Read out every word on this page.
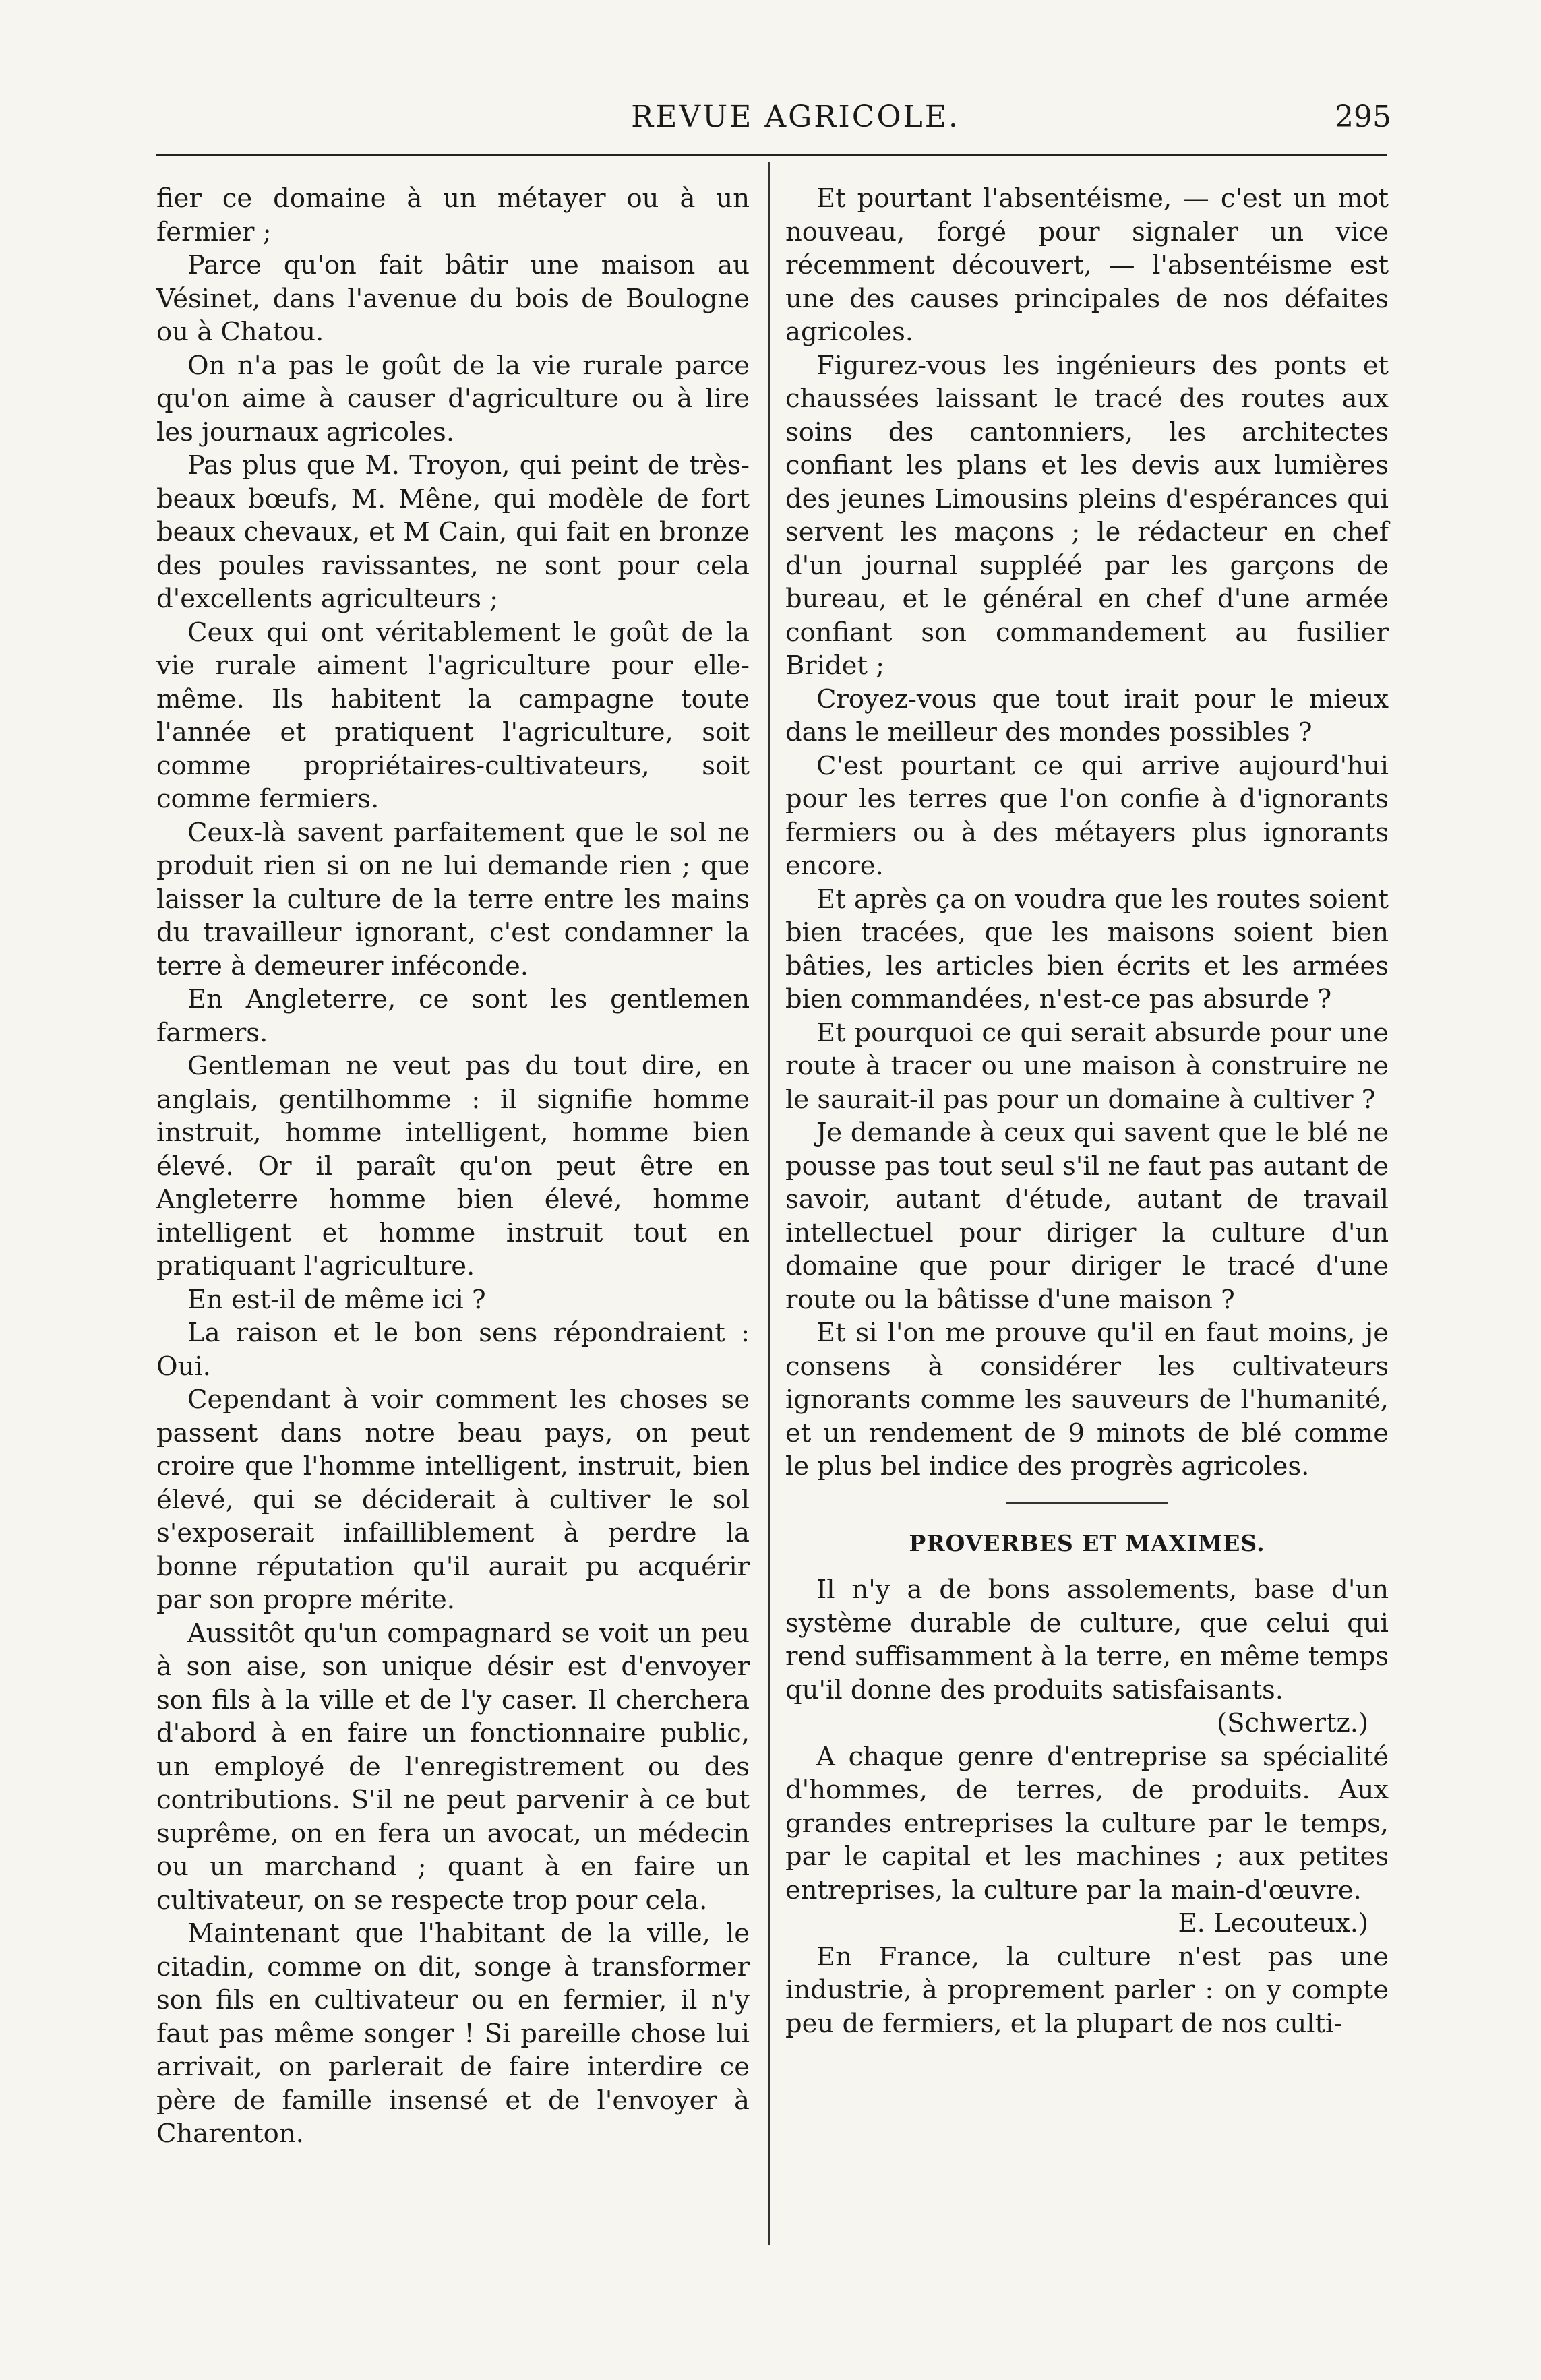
REVUE AGRICOLE.	295

fier ce domaine à un métayer ou à un fermier ;

Parce qu'on fait bâtir une maison au Vésinet, dans l'avenue du bois de Boulogne ou à Chatou.

On n'a pas le goût de la vie rurale parce qu'on aime à causer d'agriculture ou à lire les journaux agricoles.

Pas plus que M. Troyon, qui peint de très-beaux bœufs, M. Mêne, qui modèle de fort beaux chevaux, et M Cain, qui fait en bronze des poules ravissantes, ne sont pour cela d'excellents agriculteurs ;

Ceux qui ont véritablement le goût de la vie rurale aiment l'agriculture pour elle-même. Ils habitent la campagne toute l'année et pratiquent l'agriculture, soit comme propriétaires-cultivateurs, soit comme fermiers.

Ceux-là savent parfaitement que le sol ne produit rien si on ne lui demande rien ; que laisser la culture de la terre entre les mains du travailleur ignorant, c'est condamner la terre à demeurer inféconde.

En Angleterre, ce sont les gentlemen farmers.

Gentleman ne veut pas du tout dire, en anglais, gentilhomme : il signifie homme instruit, homme intelligent, homme bien élevé. Or il paraît qu'on peut être en Angleterre homme bien élevé, homme intelligent et homme instruit tout en pratiquant l'agriculture.

En est-il de même ici ?

La raison et le bon sens répondraient : Oui.

Cependant à voir comment les choses se passent dans notre beau pays, on peut croire que l'homme intelligent, instruit, bien élevé, qui se déciderait à cultiver le sol s'exposerait infailliblement à perdre la bonne réputation qu'il aurait pu acquérir par son propre mérite.

Aussitôt qu'un compagnard se voit un peu à son aise, son unique désir est d'envoyer son fils à la ville et de l'y caser. Il cherchera d'abord à en faire un fonctionnaire public, un employé de l'enregistrement ou des contributions. S'il ne peut parvenir à ce but suprême, on en fera un avocat, un médecin ou un marchand ; quant à en faire un cultivateur, on se respecte trop pour cela.

Maintenant que l'habitant de la ville, le citadin, comme on dit, songe à transformer son fils en cultivateur ou en fermier, il n'y faut pas même songer ! Si pareille chose lui arrivait, on parlerait de faire interdire ce père de famille insensé et de l'envoyer à Charenton.

Et pourtant l'absentéisme, — c'est un mot nouveau, forgé pour signaler un vice récemment découvert, — l'absentéisme est une des causes principales de nos défaites agricoles.

Figurez-vous les ingénieurs des ponts et chaussées laissant le tracé des routes aux soins des cantonniers, les architectes confiant les plans et les devis aux lumières des jeunes Limousins pleins d'espérances qui servent les maçons ; le rédacteur en chef d'un journal suppléé par les garçons de bureau, et le général en chef d'une armée confiant son commandement au fusilier Bridet ;

Croyez-vous que tout irait pour le mieux dans le meilleur des mondes possibles ?

C'est pourtant ce qui arrive aujourd'hui pour les terres que l'on confie à d'ignorants fermiers ou à des métayers plus ignorants encore.

Et après ça on voudra que les routes soient bien tracées, que les maisons soient bien bâties, les articles bien écrits et les armées bien commandées, n'est-ce pas absurde ?

Et pourquoi ce qui serait absurde pour une route à tracer ou une maison à construire ne le saurait-il pas pour un domaine à cultiver ?

Je demande à ceux qui savent que le blé ne pousse pas tout seul s'il ne faut pas autant de savoir, autant d'étude, autant de travail intellectuel pour diriger la culture d'un domaine que pour diriger le tracé d'une route ou la bâtisse d'une maison ?

Et si l'on me prouve qu'il en faut moins, je consens à considérer les cultivateurs ignorants comme les sauveurs de l'humanité, et un rendement de 9 minots de blé comme le plus bel indice des progrès agricoles.

PROVERBES ET MAXIMES.

Il n'y a de bons assolements, base d'un système durable de culture, que celui qui rend suffisamment à la terre, en même temps qu'il donne des produits satisfaisants.

(Schwertz.)

A chaque genre d'entreprise sa spécialité d'hommes, de terres, de produits. Aux grandes entreprises la culture par le temps, par le capital et les machines ; aux petites entreprises, la culture par la main-d'œuvre.

E. Lecouteux.)

En France, la culture n'est pas une industrie, à proprement parler : on y compte peu de fermiers, et la plupart de nos culti-
